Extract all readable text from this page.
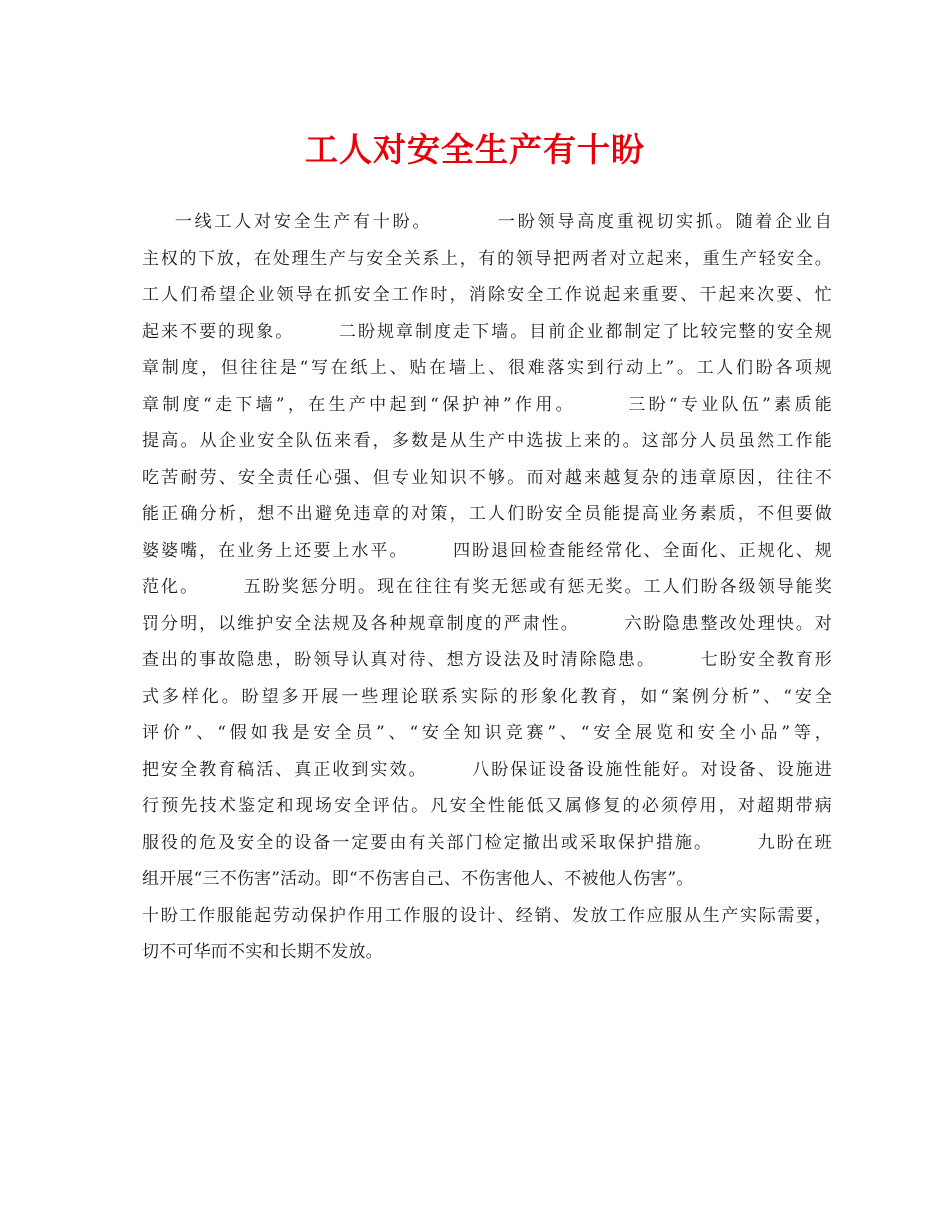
工人对安全生产有十盼
一线工人对安全生产有十盼。        一盼领导高度重视切实抓。随着企业自
主权的下放，在处理生产与安全关系上，有的领导把两者对立起来，重生产轻安全。
工人们希望企业领导在抓安全工作时，消除安全工作说起来重要、干起来次要、忙
起来不要的现象。      二盼规章制度走下墙。目前企业都制定了比较完整的安全规
章制度，但往往是“写在纸上、贴在墙上、很难落实到行动上”。工人们盼各项规
章制度“走下墙”，在生产中起到“保护神”作用。      三盼“专业队伍”素质能
提高。从企业安全队伍来看，多数是从生产中选拔上来的。这部分人员虽然工作能
吃苦耐劳、安全责任心强、但专业知识不够。而对越来越复杂的违章原因，往往不
能正确分析，想不出避免违章的对策，工人们盼安全员能提高业务素质，不但要做
婆婆嘴，在业务上还要上水平。      四盼退回检查能经常化、全面化、正规化、规
范化。      五盼奖惩分明。现在往往有奖无惩或有惩无奖。工人们盼各级领导能奖
罚分明，以维护安全法规及各种规章制度的严肃性。      六盼隐患整改处理快。对
查出的事故隐患，盼领导认真对待、想方设法及时清除隐患。      七盼安全教育形
式多样化。盼望多开展一些理论联系实际的形象化教育，如“案例分析”、“安全
评价”、“假如我是安全员”、“安全知识竞赛”、“安全展览和安全小品”等，
把安全教育稿活、真正收到实效。      八盼保证设备设施性能好。对设备、设施进
行预先技术鉴定和现场安全评估。凡安全性能低又属修复的必须停用，对超期带病
服役的危及安全的设备一定要由有关部门检定撤出或采取保护措施。      九盼在班
组开展“三不伤害”活动。即“不伤害自己、不伤害他人、不被他人伤害”。
十盼工作服能起劳动保护作用工作服的设计、经销、发放工作应服从生产实际需要，
切不可华而不实和长期不发放。
